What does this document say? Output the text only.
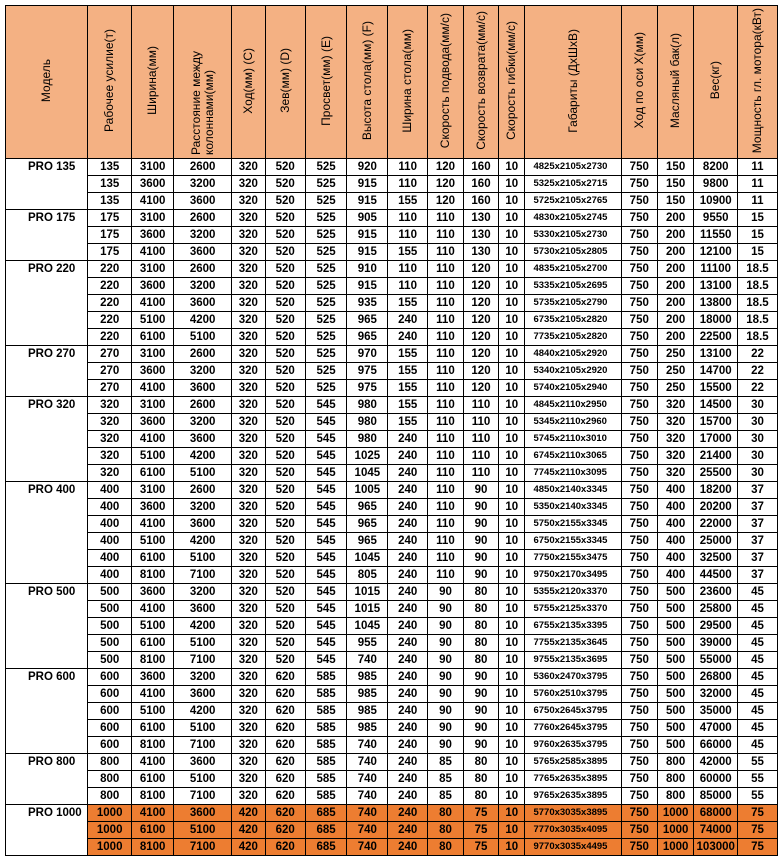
Модель	Рабочее усилие(т)	Ширина(мм)	Расстояние между колоннами(мм)	Ход(мм) (C)	Зев(мм) (D)	Просвет(мм) (E)	Высота стола(мм) (F)	Ширина стола(мм)	Скорость подвода(мм/с)	Скорость возврата(мм/с)	Скорость гибки(мм/с)	Габариты (ДхШхВ)	Ход по оси X(мм)	Масляный бак(л)	Вес(кг)	Мощность гл. мотора(кВт)
PRO 135	135	3100	2600	320	520	525	920	110	120	160	10	4825x2105x2730	750	150	8200	11
	135	3600	3200	320	520	525	915	110	120	160	10	5325x2105x2715	750	150	9800	11
	135	4100	3600	320	520	525	915	155	120	160	10	5725x2105x2765	750	150	10900	11
PRO 175	175	3100	2600	320	520	525	905	110	110	130	10	4830x2105x2745	750	200	9550	15
	175	3600	3200	320	520	525	915	110	110	130	10	5330x2105x2730	750	200	11550	15
	175	4100	3600	320	520	525	915	155	110	130	10	5730x2105x2805	750	200	12100	15
PRO 220	220	3100	2600	320	520	525	910	110	110	120	10	4835x2105x2700	750	200	11100	18.5
	220	3600	3200	320	520	525	915	110	110	120	10	5335x2105x2695	750	200	13100	18.5
	220	4100	3600	320	520	525	935	155	110	120	10	5735x2105x2790	750	200	13800	18.5
	220	5100	4200	320	520	525	965	240	110	120	10	6735x2105x2820	750	200	18000	18.5
	220	6100	5100	320	520	525	965	240	110	120	10	7735x2105x2820	750	200	22500	18.5
PRO 270	270	3100	2600	320	520	525	970	155	110	120	10	4840x2105x2920	750	250	13100	22
	270	3600	3200	320	520	525	975	155	110	120	10	5340x2105x2920	750	250	14700	22
	270	4100	3600	320	520	525	975	155	110	120	10	5740x2105x2940	750	250	15500	22
PRO 320	320	3100	2600	320	520	545	980	155	110	110	10	4845x2110x2950	750	320	14500	30
	320	3600	3200	320	520	545	980	155	110	110	10	5345x2110x2960	750	320	15700	30
	320	4100	3600	320	520	545	980	240	110	110	10	5745x2110x3010	750	320	17000	30
	320	5100	4200	320	520	545	1025	240	110	110	10	6745x2110x3065	750	320	21400	30
	320	6100	5100	320	520	545	1045	240	110	110	10	7745x2110x3095	750	320	25500	30
PRO 400	400	3100	2600	320	520	545	1005	240	110	90	10	4850x2140x3345	750	400	18200	37
	400	3600	3200	320	520	545	965	240	110	90	10	5350x2140x3345	750	400	20200	37
	400	4100	3600	320	520	545	965	240	110	90	10	5750x2155x3345	750	400	22000	37
	400	5100	4200	320	520	545	965	240	110	90	10	6750x2155x3345	750	400	25000	37
	400	6100	5100	320	520	545	1045	240	110	90	10	7750x2155x3475	750	400	32500	37
	400	8100	7100	320	520	545	805	240	110	90	10	9750x2170x3495	750	400	44500	37
PRO 500	500	3600	3200	320	520	545	1015	240	90	80	10	5355x2120x3370	750	500	23600	45
	500	4100	3600	320	520	545	1015	240	90	80	10	5755x2125x3370	750	500	25800	45
	500	5100	4200	320	520	545	1045	240	90	80	10	6755x2135x3395	750	500	29500	45
	500	6100	5100	320	520	545	955	240	90	80	10	7755x2135x3645	750	500	39000	45
	500	8100	7100	320	520	545	740	240	90	80	10	9755x2135x3695	750	500	55000	45
PRO 600	600	3600	3200	320	620	585	985	240	90	90	10	5360x2470x3795	750	500	26800	45
	600	4100	3600	320	620	585	985	240	90	90	10	5760x2510x3795	750	500	32000	45
	600	5100	4200	320	620	585	985	240	90	90	10	6750x2645x3795	750	500	35000	45
	600	6100	5100	320	620	585	985	240	90	90	10	7760x2645x3795	750	500	47000	45
	600	8100	7100	320	620	585	740	240	90	90	10	9760x2635x3795	750	500	66000	45
PRO 800	800	4100	3600	320	620	585	740	240	85	80	10	5765x2585x3895	750	800	42000	55
	800	6100	5100	320	620	585	740	240	85	80	10	7765x2635x3895	750	800	60000	55
	800	8100	7100	320	620	585	740	240	85	80	10	9765x2635x3895	750	800	85000	55
PRO 1000	1000	4100	3600	420	620	685	740	240	80	75	10	5770x3035x3895	750	1000	68000	75
	1000	6100	5100	420	620	685	740	240	80	75	10	7770x3035x4095	750	1000	74000	75
	1000	8100	7100	420	620	685	740	240	80	75	10	9770x3035x4495	750	1000	103000	75
